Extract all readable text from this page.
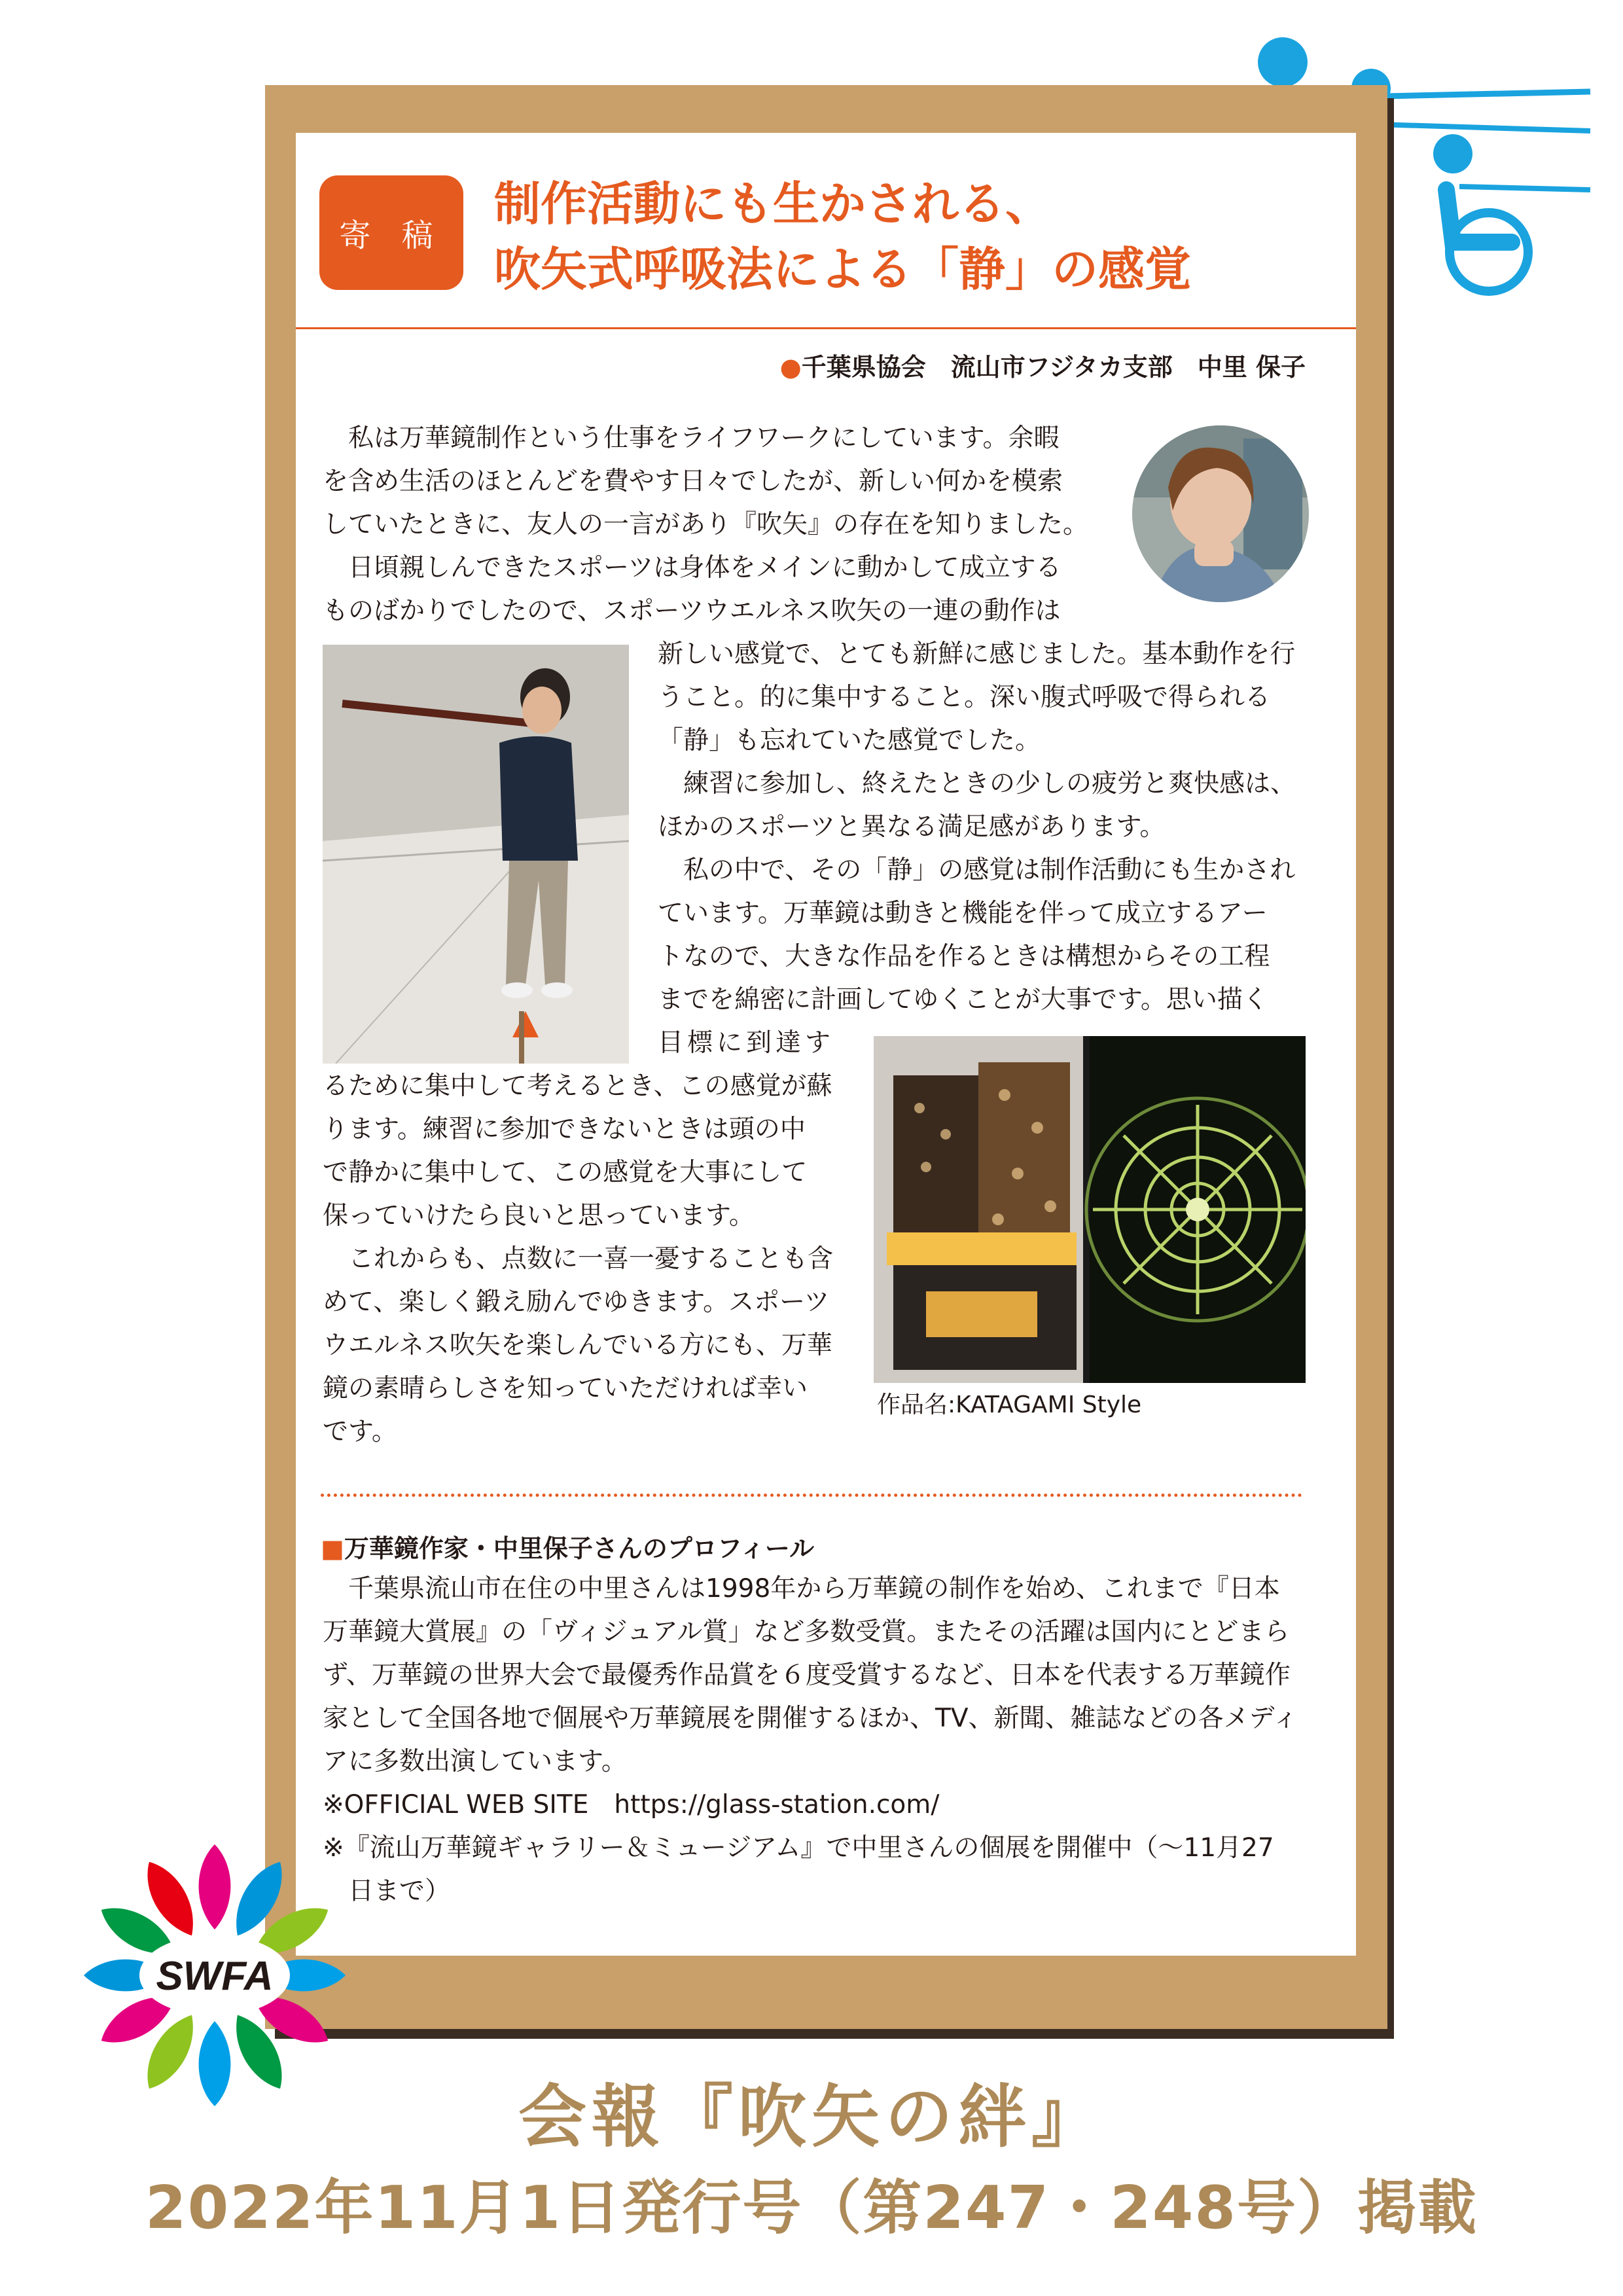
寄 稿
制作活動にも生かされる、
吹矢式呼吸法による「静」の感覚
●千葉県協会　流山市フジタカ支部　中里 保子

　私は万華鏡制作という仕事をライフワークにしています。余暇

を含め生活のほとんどを費やす日々でしたが、新しい何かを模索

していたときに、友人の一言があり『吹矢』の存在を知りました。

　日頃親しんできたスポーツは身体をメインに動かして成立する

ものばかりでしたので、スポーツウエルネス吹矢の一連の動作は

新しい感覚で、とても新鮮に感じました。基本動作を行

うこと。的に集中すること。深い腹式呼吸で得られる

「静」も忘れていた感覚でした。

　練習に参加し、終えたときの少しの疲労と爽快感は、

ほかのスポーツと異なる満足感があります。

　私の中で、その「静」の感覚は制作活動にも生かされ

ています。万華鏡は動きと機能を伴って成立するアー

トなので、大きな作品を作るときは構想からその工程

までを綿密に計画してゆくことが大事です。思い描く

目標に到達す

るために集中して考えるとき、この感覚が蘇

ります。練習に参加できないときは頭の中

で静かに集中して、この感覚を大事にして

保っていけたら良いと思っています。

　これからも、点数に一喜一憂することも含

めて、楽しく鍛え励んでゆきます。スポーツ

ウエルネス吹矢を楽しんでいる方にも、万華

鏡の素晴らしさを知っていただければ幸い

です。

作品名:KATAGAMI Style
■万華鏡作家・中里保子さんのプロフィール

　千葉県流山市在住の中里さんは1998年から万華鏡の制作を始め、これまで『日本

万華鏡大賞展』の「ヴィジュアル賞」など多数受賞。またその活躍は国内にとどまら

ず、万華鏡の世界大会で最優秀作品賞を６度受賞するなど、日本を代表する万華鏡作

家として全国各地で個展や万華鏡展を開催するほか、TV、新聞、雑誌などの各メディ

アに多数出演しています。

※OFFICIAL WEB SITE　https://glass-station.com/

※『流山万華鏡ギャラリー＆ミュージアム』で中里さんの個展を開催中（～11月27

　日まで）

SWFA
会報『吹矢の絆』
2022年11月1日発行号（第247・248号）掲載
